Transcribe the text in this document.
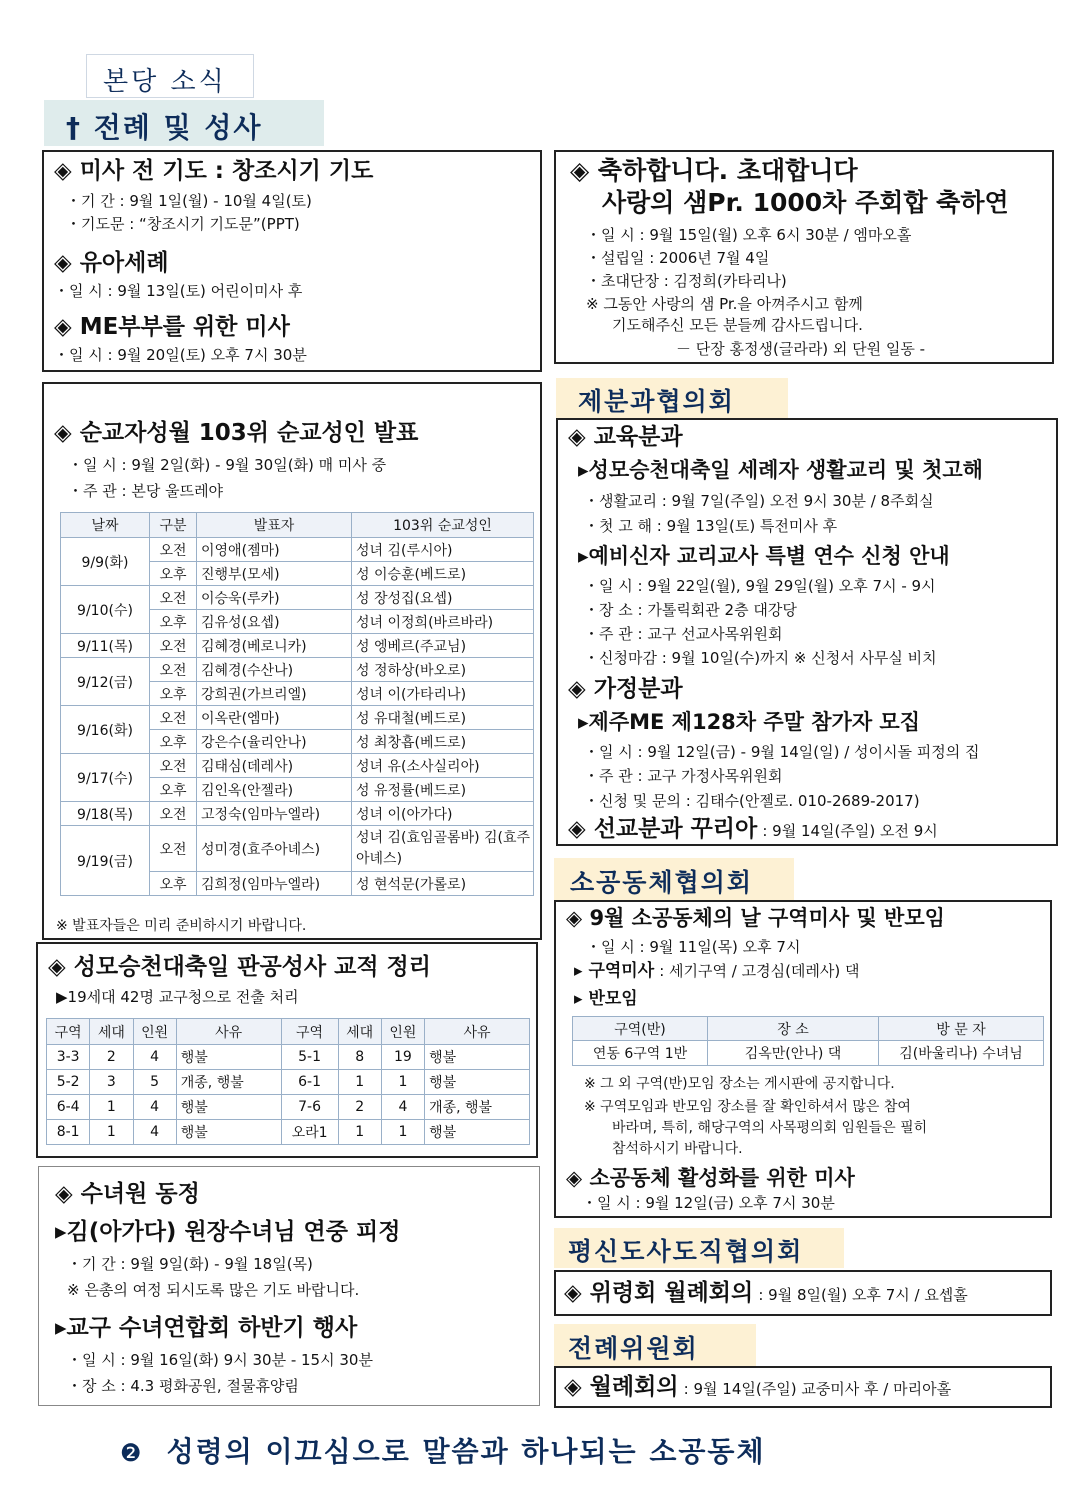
본당 소식
† 전례 및 성사
◈ 미사 전 기도 : 창조시기 기도
・기 간 : 9월 1일(월) - 10월 4일(토)
・기도문 : “창조시기 기도문”(PPT)
◈ 유아세례
・일 시 : 9월 13일(토) 어린이미사 후
◈ ME부부를 위한 미사
・일 시 : 9월 20일(토) 오후 7시 30분
◈ 축하합니다. 초대합니다
사랑의 샘Pr. 1000차 주회합 축하연
・일 시 : 9월 15일(월) 오후 6시 30분 / 엠마오홀
・설립일 : 2006년 7월 4일
・초대단장 : 김정희(카타리나)
※ 그동안 사랑의 샘 Pr.을 아껴주시고 함께
기도해주신 모든 분들께 감사드립니다.
－ 단장 홍정생(글라라) 외 단원 일동 -
◈ 순교자성월 103위 순교성인 발표
・일 시 : 9월 2일(화) - 9월 30일(화) 매 미사 중
・주 관 : 본당 울뜨레야
날짜	구분	발표자	103위 순교성인
9/9(화)	오전	이영애(젬마)	성녀 김(루시아)
	오후	진행부(모세)	성 이승훈(베드로)
9/10(수)	오전	이승욱(루카)	성 장성집(요셉)
	오후	김유성(요셉)	성녀 이정희(바르바라)
9/11(목)	오전	김혜경(베로니카)	성 엥베르(주교님)
9/12(금)	오전	김혜경(수산나)	성 정하상(바오로)
	오후	강희권(가브리엘)	성녀 이(가타리나)
9/16(화)	오전	이옥란(엠마)	성 유대철(베드로)
	오후	강은수(율리안나)	성 최창흡(베드로)
9/17(수)	오전	김태심(데레사)	성녀 유(소사실리아)
	오후	김인옥(안젤라)	성 유정률(베드로)
9/18(목)	오전	고정숙(임마누엘라)	성녀 이(아가다)
9/19(금)	오전	성미경(효주아녜스)	성녀 김(효임골롬바) 김(효주아녜스)
	오후	김희정(임마누엘라)	성 현석문(가롤로)
※ 발표자들은 미리 준비하시기 바랍니다.
◈ 성모승천대축일 판공성사 교적 정리
▶19세대 42명 교구청으로 전출 처리
구역	세대	인원	사유	구역	세대	인원	사유
3-3	2	4	행불	5-1	8	19	행불
5-2	3	5	개종, 행불	6-1	1	1	행불
6-4	1	4	행불	7-6	2	4	개종, 행불
8-1	1	4	행불	오라1	1	1	행불
◈ 수녀원 동정
▸김(아가다) 원장수녀님 연중 피정
・기 간 : 9월 9일(화) - 9월 18일(목)
※ 은총의 여정 되시도록 많은 기도 바랍니다.
▸교구 수녀연합회 하반기 행사
・일 시 : 9월 16일(화) 9시 30분 - 15시 30분
・장 소 : 4.3 평화공원, 절물휴양림
제분과협의회
◈ 교육분과
▸성모승천대축일 세례자 생활교리 및 첫고해
・생활교리 : 9월 7일(주일) 오전 9시 30분 / 8주회실
・첫 고 해 : 9월 13일(토) 특전미사 후
▸예비신자 교리교사 특별 연수 신청 안내
・일 시 : 9월 22일(월), 9월 29일(월) 오후 7시 - 9시
・장 소 : 가톨릭회관 2층 대강당
・주 관 : 교구 선교사목위원회
・신청마감 : 9월 10일(수)까지 ※ 신청서 사무실 비치
◈ 가정분과
▸제주ME 제128차 주말 참가자 모집
・일 시 : 9월 12일(금) - 9월 14일(일) / 성이시돌 피정의 집
・주 관 : 교구 가정사목위원회
・신청 및 문의 : 김태수(안젤로. 010-2689-2017)
◈ 선교분과 꾸리아 : 9월 14일(주일) 오전 9시
소공동체협의회
◈ 9월 소공동체의 날 구역미사 및 반모임
・일 시 : 9월 11일(목) 오후 7시
▸ 구역미사 : 세기구역 / 고경심(데레사) 댁
▸ 반모임
구역(반)	장 소	방 문 자
연동 6구역 1반	김옥만(안나) 댁	김(바울리나) 수녀님
※ 그 외 구역(반)모임 장소는 게시판에 공지합니다.
※ 구역모임과 반모임 장소를 잘 확인하셔서 많은 참여
바라며, 특히, 해당구역의 사목평의회 임원들은 필히
참석하시기 바랍니다.
◈ 소공동체 활성화를 위한 미사
・일 시 : 9월 12일(금) 오후 7시 30분
평신도사도직협의회
◈ 위령회 월례회의 : 9월 8일(월) 오후 7시 / 요셉홀
전례위원회
◈ 월례회의 : 9월 14일(주일) 교중미사 후 / 마리아홀
❷ 성령의 이끄심으로 말씀과 하나되는 소공동체
